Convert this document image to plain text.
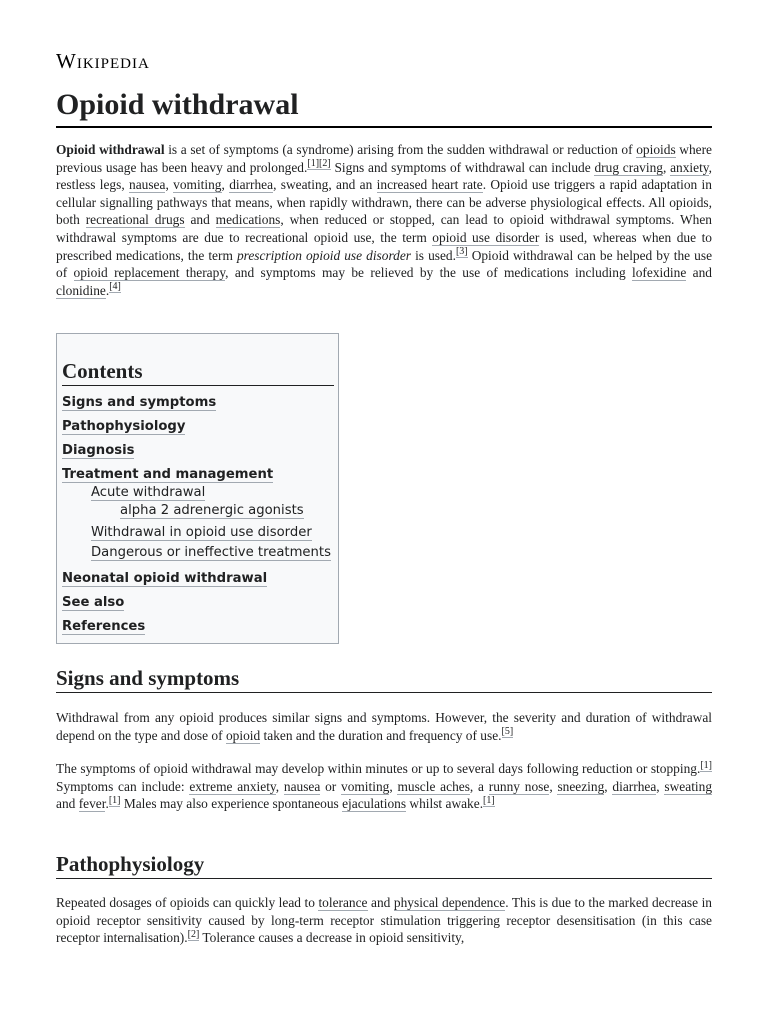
Wikipedia
Opioid withdrawal

Opioid withdrawal is a set of symptoms (a syndrome) arising from the sudden withdrawal or reduction of opioids where previous usage has been heavy and prolonged.[1][2] Signs and symptoms of withdrawal can include drug craving, anxiety, restless legs, nausea, vomiting, diarrhea, sweating, and an increased heart rate. Opioid use triggers a rapid adaptation in cellular signalling pathways that means, when rapidly withdrawn, there can be adverse physiological effects. All opioids, both recreational drugs and medications, when reduced or stopped, can lead to opioid withdrawal symptoms. When withdrawal symptoms are due to recreational opioid use, the term opioid use disorder is used, whereas when due to prescribed medications, the term prescription opioid use disorder is used.[3] Opioid withdrawal can be helped by the use of opioid replacement therapy, and symptoms may be relieved by the use of medications including lofexidine and clonidine.[4]

Contents
Signs and symptoms
Pathophysiology
Diagnosis
Treatment and management
Acute withdrawal
alpha 2 adrenergic agonists
Withdrawal in opioid use disorder
Dangerous or ineffective treatments
Neonatal opioid withdrawal
See also
References
Signs and symptoms

Withdrawal from any opioid produces similar signs and symptoms. However, the severity and duration of withdrawal depend on the type and dose of opioid taken and the duration and frequency of use.[5]

The symptoms of opioid withdrawal may develop within minutes or up to several days following reduction or stopping.[1] Symptoms can include: extreme anxiety, nausea or vomiting, muscle aches, a runny nose, sneezing, diarrhea, sweating and fever.[1] Males may also experience spontaneous ejaculations whilst awake.[1]

Pathophysiology

Repeated dosages of opioids can quickly lead to tolerance and physical dependence. This is due to the marked decrease in opioid receptor sensitivity caused by long-term receptor stimulation triggering receptor desensitisation (in this case receptor internalisation).[2] Tolerance causes a decrease in opioid sensitivity,
